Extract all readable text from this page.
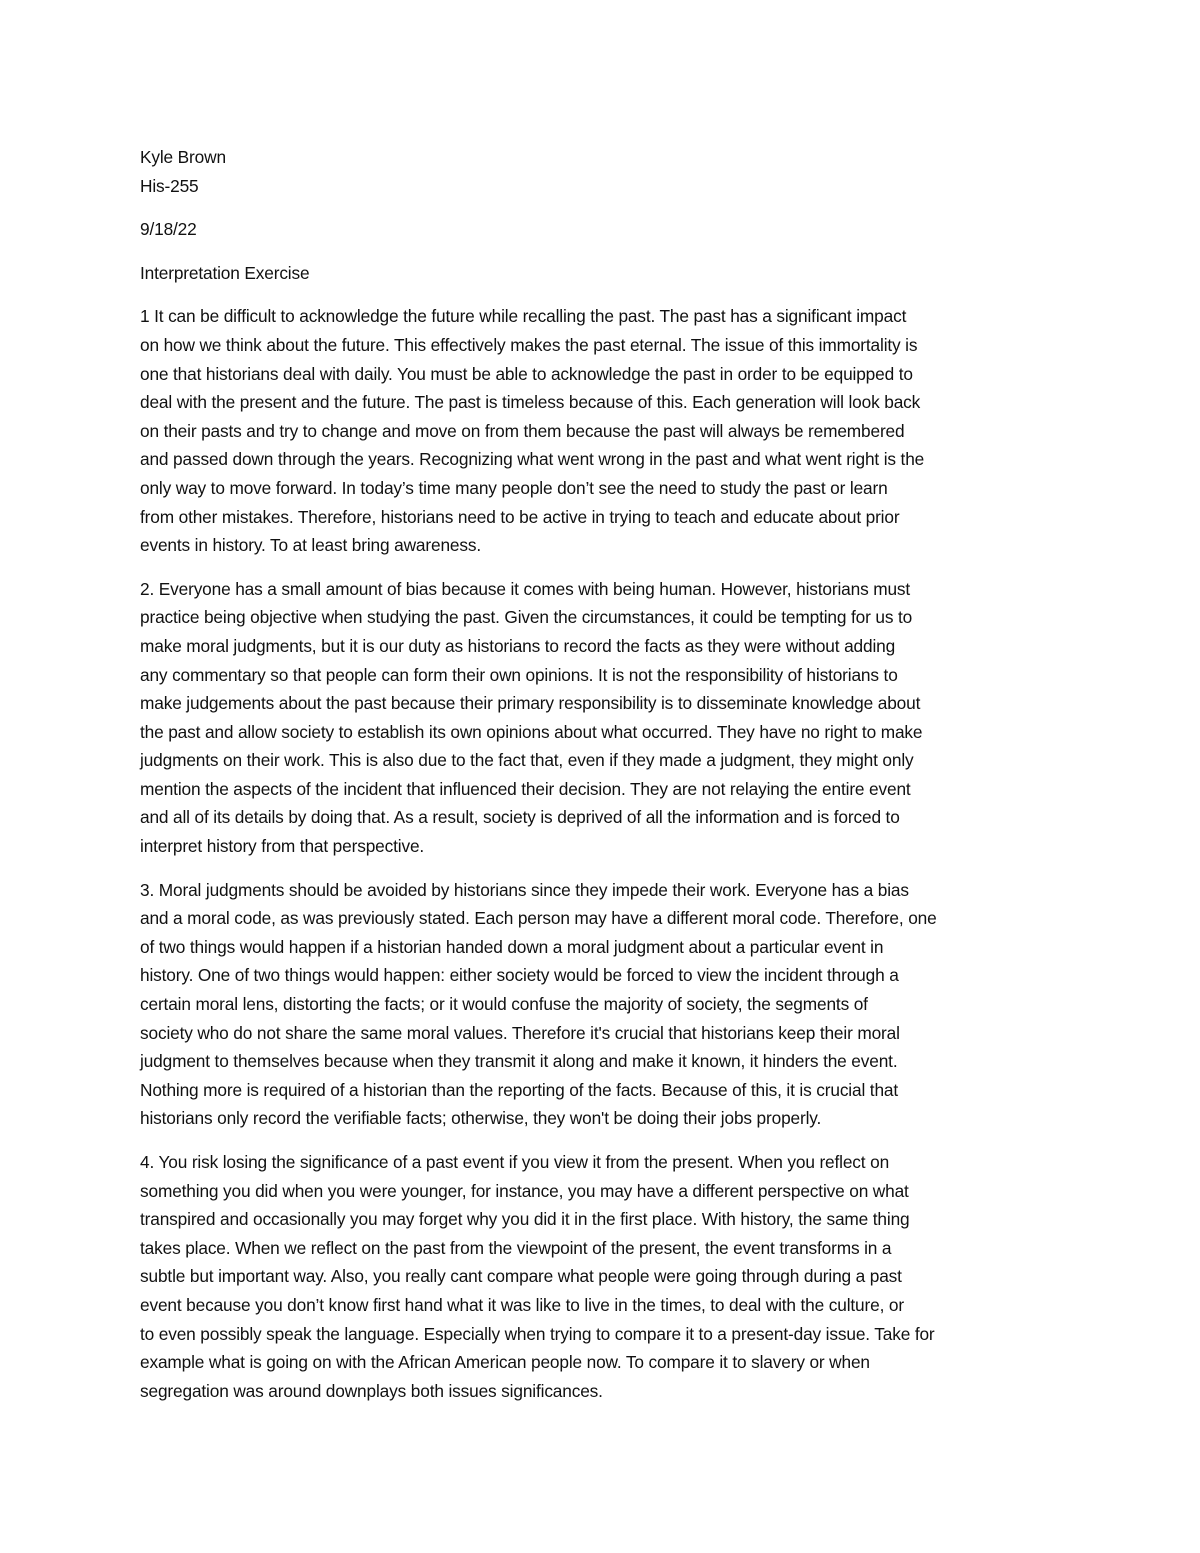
Kyle Brown
His-255
9/18/22
Interpretation Exercise
1 It can be difficult to acknowledge the future while recalling the past. The past has a significant impact
on how we think about the future. This effectively makes the past eternal. The issue of this immortality is
one that historians deal with daily. You must be able to acknowledge the past in order to be equipped to
deal with the present and the future. The past is timeless because of this. Each generation will look back
on their pasts and try to change and move on from them because the past will always be remembered
and passed down through the years. Recognizing what went wrong in the past and what went right is the
only way to move forward. In today’s time many people don’t see the need to study the past or learn
from other mistakes. Therefore, historians need to be active in trying to teach and educate about prior
events in history. To at least bring awareness.
2. Everyone has a small amount of bias because it comes with being human. However, historians must
practice being objective when studying the past. Given the circumstances, it could be tempting for us to
make moral judgments, but it is our duty as historians to record the facts as they were without adding
any commentary so that people can form their own opinions. It is not the responsibility of historians to
make judgements about the past because their primary responsibility is to disseminate knowledge about
the past and allow society to establish its own opinions about what occurred. They have no right to make
judgments on their work. This is also due to the fact that, even if they made a judgment, they might only
mention the aspects of the incident that influenced their decision. They are not relaying the entire event
and all of its details by doing that. As a result, society is deprived of all the information and is forced to
interpret history from that perspective.
3. Moral judgments should be avoided by historians since they impede their work. Everyone has a bias
and a moral code, as was previously stated. Each person may have a different moral code. Therefore, one
of two things would happen if a historian handed down a moral judgment about a particular event in
history. One of two things would happen: either society would be forced to view the incident through a
certain moral lens, distorting the facts; or it would confuse the majority of society, the segments of
society who do not share the same moral values. Therefore it's crucial that historians keep their moral
judgment to themselves because when they transmit it along and make it known, it hinders the event.
Nothing more is required of a historian than the reporting of the facts. Because of this, it is crucial that
historians only record the verifiable facts; otherwise, they won't be doing their jobs properly.
4. You risk losing the significance of a past event if you view it from the present. When you reflect on
something you did when you were younger, for instance, you may have a different perspective on what
transpired and occasionally you may forget why you did it in the first place. With history, the same thing
takes place. When we reflect on the past from the viewpoint of the present, the event transforms in a
subtle but important way. Also, you really cant compare what people were going through during a past
event because you don’t know first hand what it was like to live in the times, to deal with the culture, or
to even possibly speak the language. Especially when trying to compare it to a present-day issue. Take for
example what is going on with the African American people now. To compare it to slavery or when
segregation was around downplays both issues significances.
